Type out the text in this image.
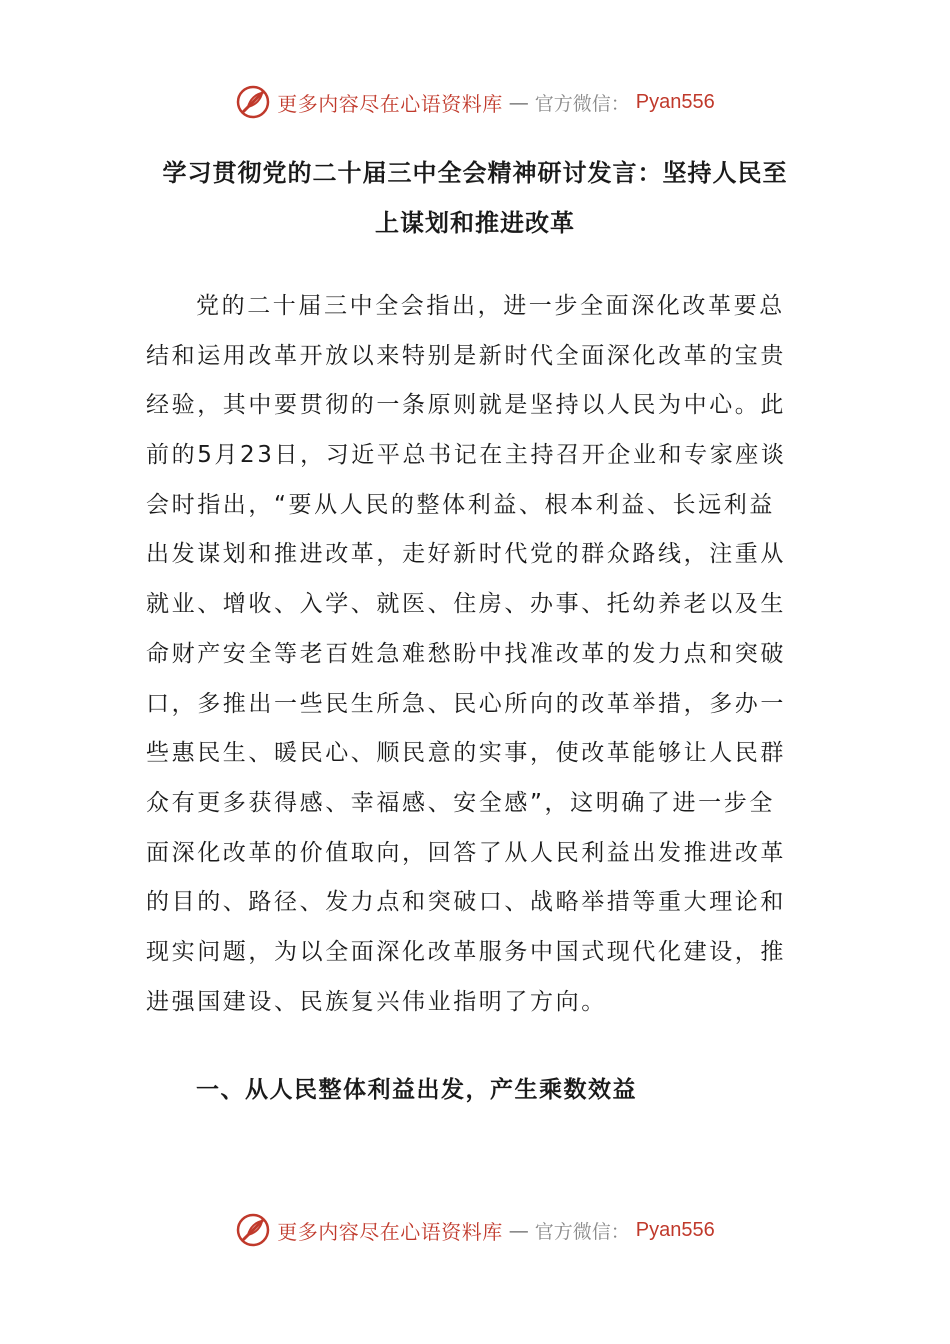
更多内容尽在心语资料库 — 官方微信： Pyan556
学习贯彻党的二十届三中全会精神研讨发言：坚持人民至
上谋划和推进改革
党的二十届三中全会指出，进一步全面深化改革要总
结和运用改革开放以来特别是新时代全面深化改革的宝贵
经验，其中要贯彻的一条原则就是坚持以人民为中心。此
前的5月23日，习近平总书记在主持召开企业和专家座谈
会时指出，“要从人民的整体利益、根本利益、长远利益
出发谋划和推进改革，走好新时代党的群众路线，注重从
就业、增收、入学、就医、住房、办事、托幼养老以及生
命财产安全等老百姓急难愁盼中找准改革的发力点和突破
口，多推出一些民生所急、民心所向的改革举措，多办一
些惠民生、暖民心、顺民意的实事，使改革能够让人民群
众有更多获得感、幸福感、安全感”，这明确了进一步全
面深化改革的价值取向，回答了从人民利益出发推进改革
的目的、路径、发力点和突破口、战略举措等重大理论和
现实问题，为以全面深化改革服务中国式现代化建设，推
进强国建设、民族复兴伟业指明了方向。
一、从人民整体利益出发，产生乘数效益
更多内容尽在心语资料库 — 官方微信： Pyan556
